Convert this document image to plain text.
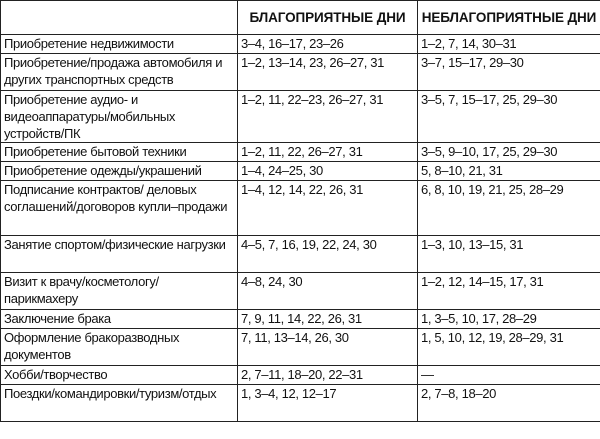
	БЛАГОПРИЯТНЫЕ ДНИ	НЕБЛАГОПРИЯТНЫЕ ДНИ
Приобретение недвижимости	3–4, 16–17, 23–26	1–2, 7, 14, 30–31
Приобретение/продажа автомобиля и других транспортных средств	1–2, 13–14, 23, 26–27, 31	3–7, 15–17, 29–30
Приобретение аудио- и видеоаппаратуры/мобильных устройств/ПК	1–2, 11, 22–23, 26–27, 31	3–5, 7, 15–17, 25, 29–30
Приобретение бытовой техники	1–2, 11, 22, 26–27, 31	3–5, 9–10, 17, 25, 29–30
Приобретение одежды/украшений	1–4, 24–25, 30	5, 8–10, 21, 31
Подписание контрактов/ деловых соглашений/договоров купли–продажи	1–4, 12, 14, 22, 26, 31	6, 8, 10, 19, 21, 25, 28–29
Занятие спортом/физические нагрузки	4–5, 7, 16, 19, 22, 24, 30	1–3, 10, 13–15, 31
Визит к врачу/косметологу/ парикмахеру	4–8, 24, 30	1–2, 12, 14–15, 17, 31
Заключение брака	7, 9, 11, 14, 22, 26, 31	1, 3–5, 10, 17, 28–29
Оформление бракоразводных документов	7, 11, 13–14, 26, 30	1, 5, 10, 12, 19, 28–29, 31
Хобби/творчество	2, 7–11, 18–20, 22–31	—
Поездки/командировки/туризм/отдых	1, 3–4, 12, 12–17	2, 7–8, 18–20
